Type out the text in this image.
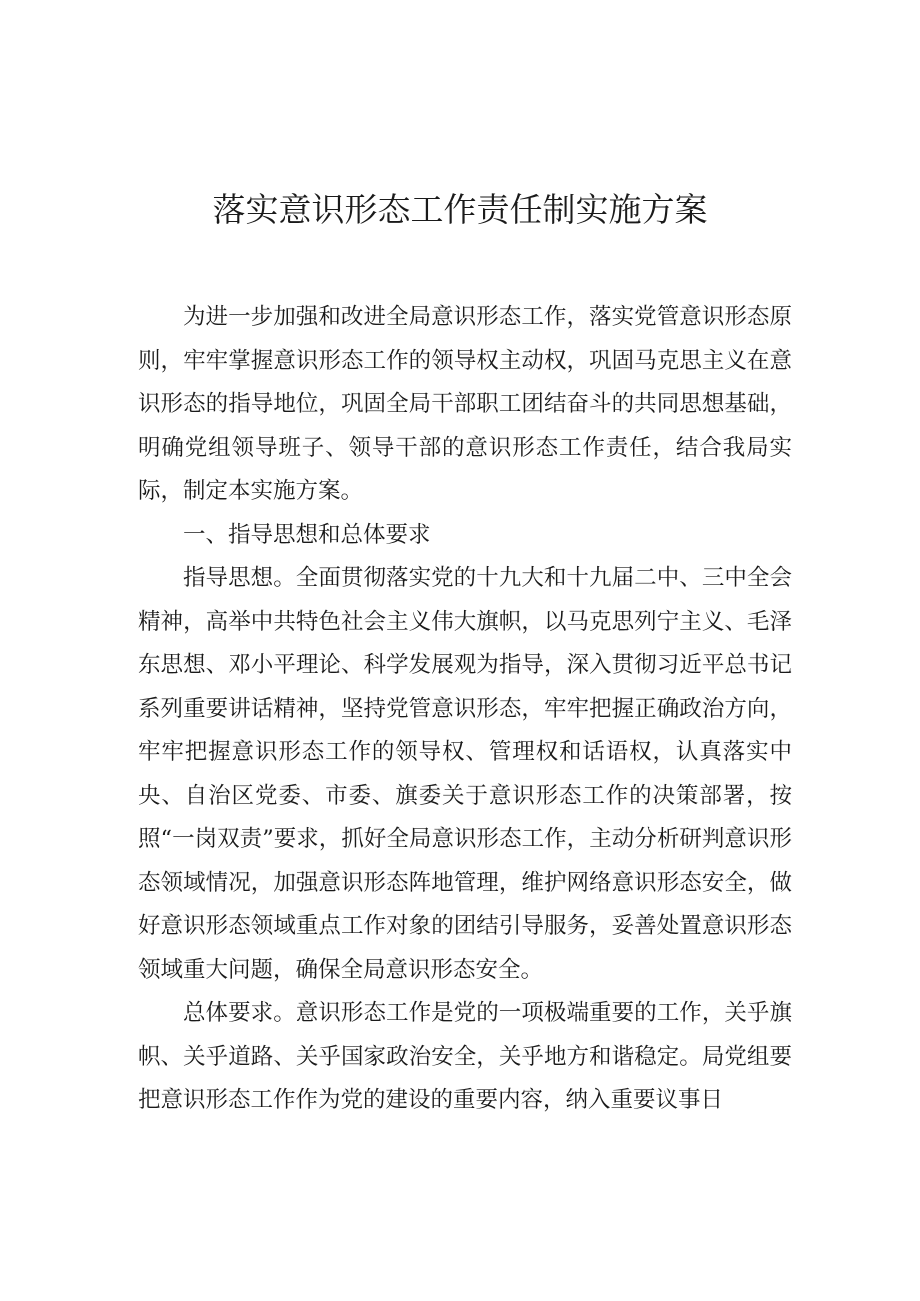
落实意识形态工作责任制实施方案

为进一步加强和改进全局意识形态工作，落实党管意识形态原则，牢牢掌握意识形态工作的领导权主动权，巩固马克思主义在意识形态的指导地位，巩固全局干部职工团结奋斗的共同思想基础，明确党组领导班子、领导干部的意识形态工作责任，结合我局实际，制定本实施方案。

一、指导思想和总体要求

指导思想。全面贯彻落实党的十九大和十九届二中、三中全会精神，高举中共特色社会主义伟大旗帜，以马克思列宁主义、毛泽东思想、邓小平理论、科学发展观为指导，深入贯彻习近平总书记系列重要讲话精神，坚持党管意识形态，牢牢把握正确政治方向，牢牢把握意识形态工作的领导权、管理权和话语权，认真落实中央、自治区党委、市委、旗委关于意识形态工作的决策部署，按照“一岗双责”要求，抓好全局意识形态工作，主动分析研判意识形态领域情况，加强意识形态阵地管理，维护网络意识形态安全，做好意识形态领域重点工作对象的团结引导服务，妥善处置意识形态领域重大问题，确保全局意识形态安全。

总体要求。意识形态工作是党的一项极端重要的工作，关乎旗帜、关乎道路、关乎国家政治安全，关乎地方和谐稳定。局党组要把意识形态工作作为党的建设的重要内容，纳入重要议事日
